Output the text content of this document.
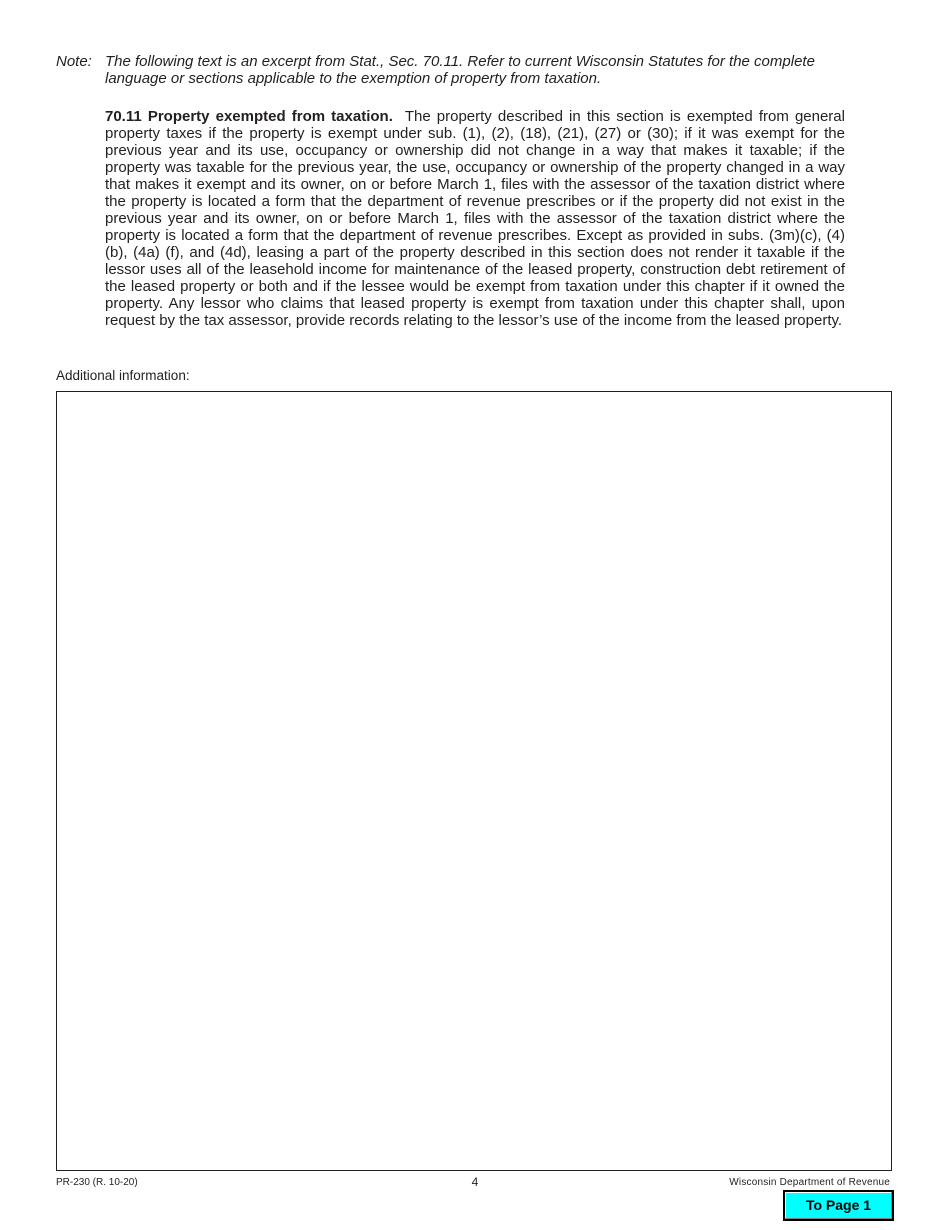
Note: The following text is an excerpt from Stat., Sec. 70.11. Refer to current Wisconsin Statutes for the complete language or sections applicable to the exemption of property from taxation.
70.11 Property exempted from taxation. The property described in this section is exempted from general property taxes if the property is exempt under sub. (1), (2), (18), (21), (27) or (30); if it was exempt for the previous year and its use, occupancy or ownership did not change in a way that makes it taxable; if the property was taxable for the previous year, the use, occupancy or ownership of the property changed in a way that makes it exempt and its owner, on or before March 1, files with the assessor of the taxation district where the property is located a form that the department of revenue prescribes or if the property did not exist in the previous year and its owner, on or before March 1, files with the assessor of the taxation district where the property is located a form that the department of revenue prescribes. Except as provided in subs. (3m)(c), (4)(b), (4a) (f), and (4d), leasing a part of the property described in this section does not render it taxable if the lessor uses all of the leasehold income for maintenance of the leased property, construction debt retirement of the leased property or both and if the lessee would be exempt from taxation under this chapter if it owned the property. Any lessor who claims that leased property is exempt from taxation under this chapter shall, upon request by the tax assessor, provide records relating to the lessor’s use of the income from the leased property.
Additional information:
PR-230 (R. 10-20)	4	Wisconsin Department of Revenue
To Page 1
